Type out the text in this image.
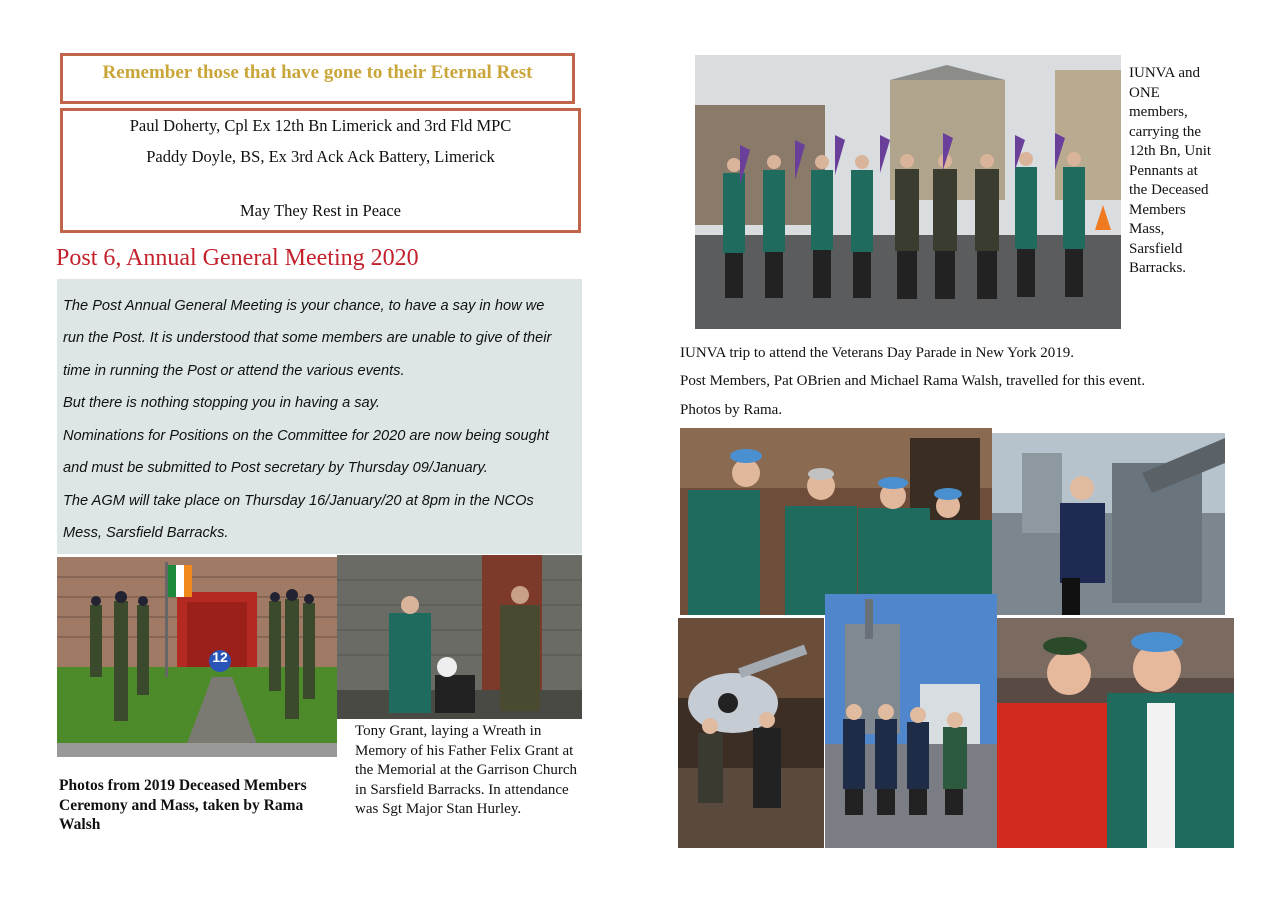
Remember those that have gone to their Eternal Rest
Paul Doherty, Cpl Ex 12th Bn Limerick and 3rd Fld MPC
Paddy Doyle, BS, Ex 3rd Ack Ack Battery, Limerick
May They Rest in Peace
Post 6, Annual General Meeting 2020

The Post Annual General Meeting is your chance, to have a say in how we

run the Post. It is understood that some members are unable to give of their

time in running the Post or attend the various events.

But there is nothing stopping you in having a say.

Nominations for Positions on the Committee for 2020 are now being sought

and must be submitted to Post secretary by Thursday 09/January.

The AGM will take place on Thursday 16/January/20 at 8pm in the NCOs

Mess, Sarsfield Barracks.

12
Photos from 2019 Deceased Members Ceremony and Mass, taken by Rama Walsh
Tony Grant, laying a Wreath in Memory of his Father Felix Grant at the Memorial at the Garrison Church in Sarsfield Barracks. In attendance was Sgt Major Stan Hurley.
IUNVA and ONE members, carrying the 12th Bn, Unit Pennants at the Deceased Members Mass, Sarsfield Barracks.
IUNVA trip to attend the Veterans Day Parade in New York 2019.
Post Members, Pat OBrien and Michael Rama Walsh, travelled for this event.
Photos by Rama.
